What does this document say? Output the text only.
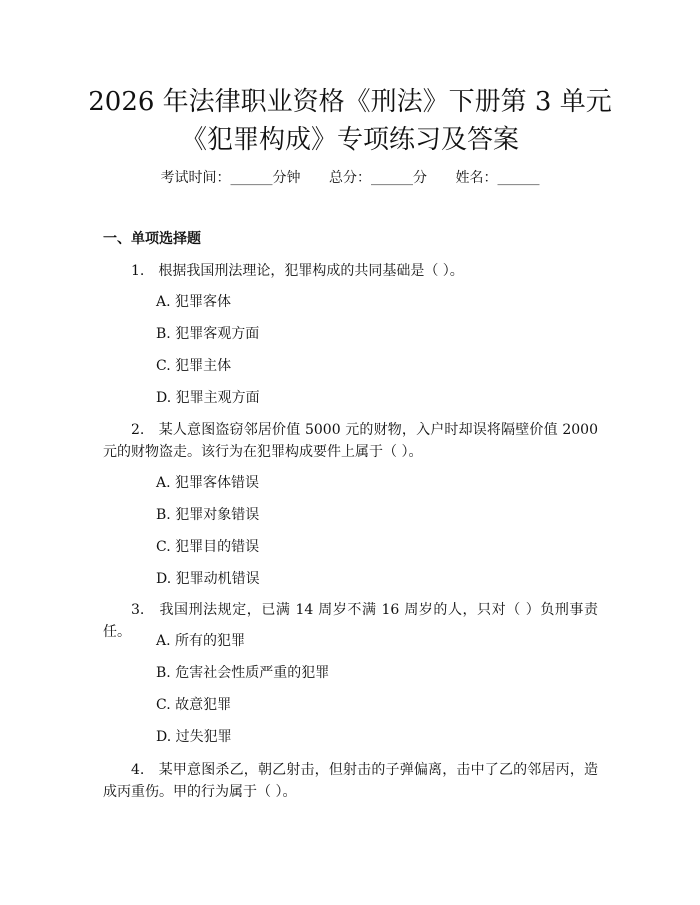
2026 年法律职业资格《刑法》下册第 3 单元
《犯罪构成》专项练习及答案
考试时间：______分钟 总分：______分 姓名：______
一、单项选择题
1.　根据我国刑法理论，犯罪构成的共同基础是（ ）。
A. 犯罪客体
B. 犯罪客观方面
C. 犯罪主体
D. 犯罪主观方面
2.　某人意图盗窃邻居价值 5000 元的财物，入户时却误将隔壁价值 2000 元的财物盗走。该行为在犯罪构成要件上属于（ ）。
A. 犯罪客体错误
B. 犯罪对象错误
C. 犯罪目的错误
D. 犯罪动机错误
3.　我国刑法规定，已满 14 周岁不满 16 周岁的人，只对（ ）负刑事责任。
A. 所有的犯罪
B. 危害社会性质严重的犯罪
C. 故意犯罪
D. 过失犯罪
4.　某甲意图杀乙，朝乙射击，但射击的子弹偏离，击中了乙的邻居丙，造成丙重伤。甲的行为属于（ ）。
